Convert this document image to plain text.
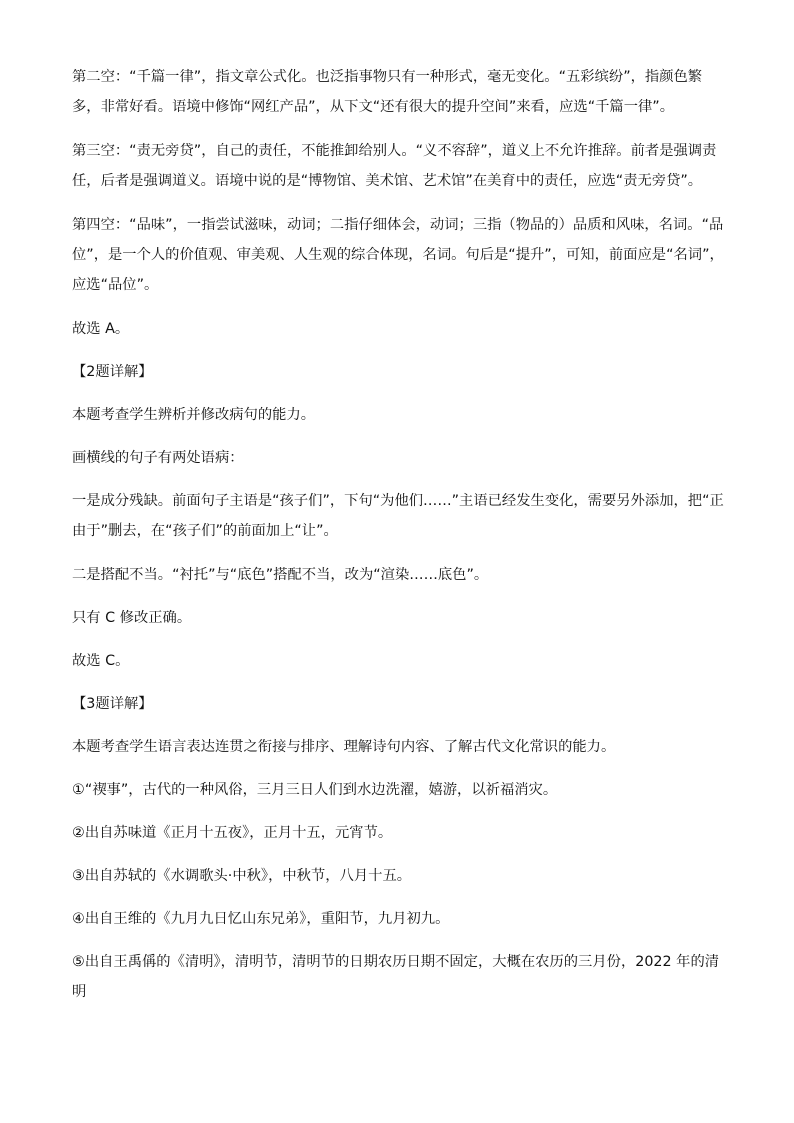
第二空：“千篇一律”，指文章公式化。也泛指事物只有一种形式，毫无变化。“五彩缤纷”，指颜色繁多，非常好看。语境中修饰“网红产品”，从下文“还有很大的提升空间”来看，应选“千篇一律”。

第三空：“责无旁贷”，自己的责任，不能推卸给别人。“义不容辞”，道义上不允许推辞。前者是强调责任，后者是强调道义。语境中说的是“博物馆、美术馆、艺术馆”在美育中的责任，应选“责无旁贷”。

第四空：“品味”，一指尝试滋味，动词；二指仔细体会，动词；三指（物品的）品质和风味，名词。“品位”，是一个人的价值观、审美观、人生观的综合体现，名词。句后是“提升”，可知，前面应是“名词”，应选“品位”。

故选 A。

【2题详解】

本题考查学生辨析并修改病句的能力。

画横线的句子有两处语病：

一是成分残缺。前面句子主语是“孩子们”，下句“为他们……”主语已经发生变化，需要另外添加，把“正由于”删去，在“孩子们”的前面加上“让”。

二是搭配不当。“衬托”与“底色”搭配不当，改为“渲染……底色”。

只有 C 修改正确。

故选 C。

【3题详解】

本题考查学生语言表达连贯之衔接与排序、理解诗句内容、了解古代文化常识的能力。

①“禊事”，古代的一种风俗，三月三日人们到水边洗濯，嬉游，以祈福消灾。

②出自苏味道《正月十五夜》，正月十五，元宵节。

③出自苏轼的《水调歌头·中秋》，中秋节，八月十五。

④出自王维的《九月九日忆山东兄弟》，重阳节，九月初九。

⑤出自王禹偁的《清明》，清明节，清明节的日期农历日期不固定，大概在农历的三月份，2022 年的清明
